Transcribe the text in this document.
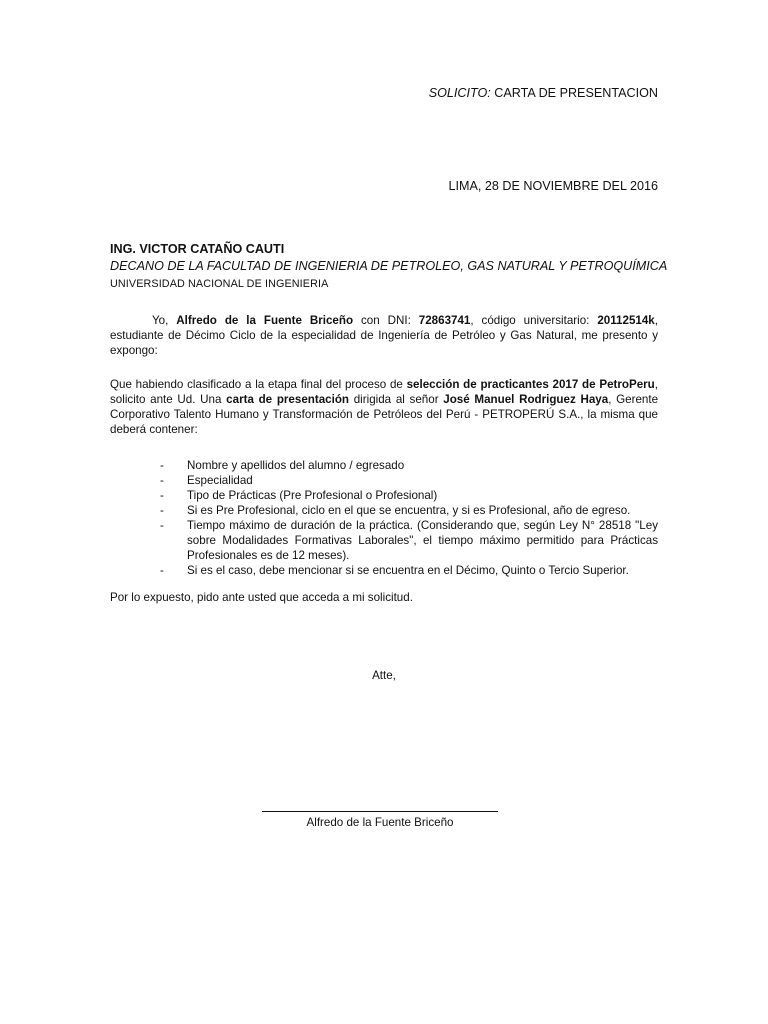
SOLICITO: CARTA DE PRESENTACION
LIMA, 28 DE NOVIEMBRE DEL 2016
ING. VICTOR CATAÑO CAUTI
DECANO DE LA FACULTAD DE INGENIERIA DE PETROLEO, GAS NATURAL Y PETROQUÍMICA
UNIVERSIDAD NACIONAL DE INGENIERIA
Yo, Alfredo de la Fuente Briceño con DNI: 72863741, código universitario: 20112514k, estudiante de Décimo Ciclo de la especialidad de Ingeniería de Petróleo y Gas Natural, me presento y expongo:
Que habiendo clasificado a la etapa final del proceso de selección de practicantes 2017 de PetroPeru, solicito ante Ud. Una carta de presentación dirigida al señor José Manuel Rodriguez Haya, Gerente Corporativo Talento Humano y Transformación de Petróleos del Perú - PETROPERÚ S.A., la misma que deberá contener:
- Nombre y apellidos del alumno / egresado
- Especialidad
- Tipo de Prácticas (Pre Profesional o Profesional)
- Si es Pre Profesional, ciclo en el que se encuentra, y si es Profesional, año de egreso.
- Tiempo máximo de duración de la práctica. (Considerando que, según Ley N° 28518 "Ley sobre Modalidades Formativas Laborales", el tiempo máximo permitido para Prácticas Profesionales es de 12 meses).
- Si es el caso, debe mencionar si se encuentra en el Décimo, Quinto o Tercio Superior.
Por lo expuesto, pido ante usted que acceda a mi solicitud.
Atte,
Alfredo de la Fuente Briceño
